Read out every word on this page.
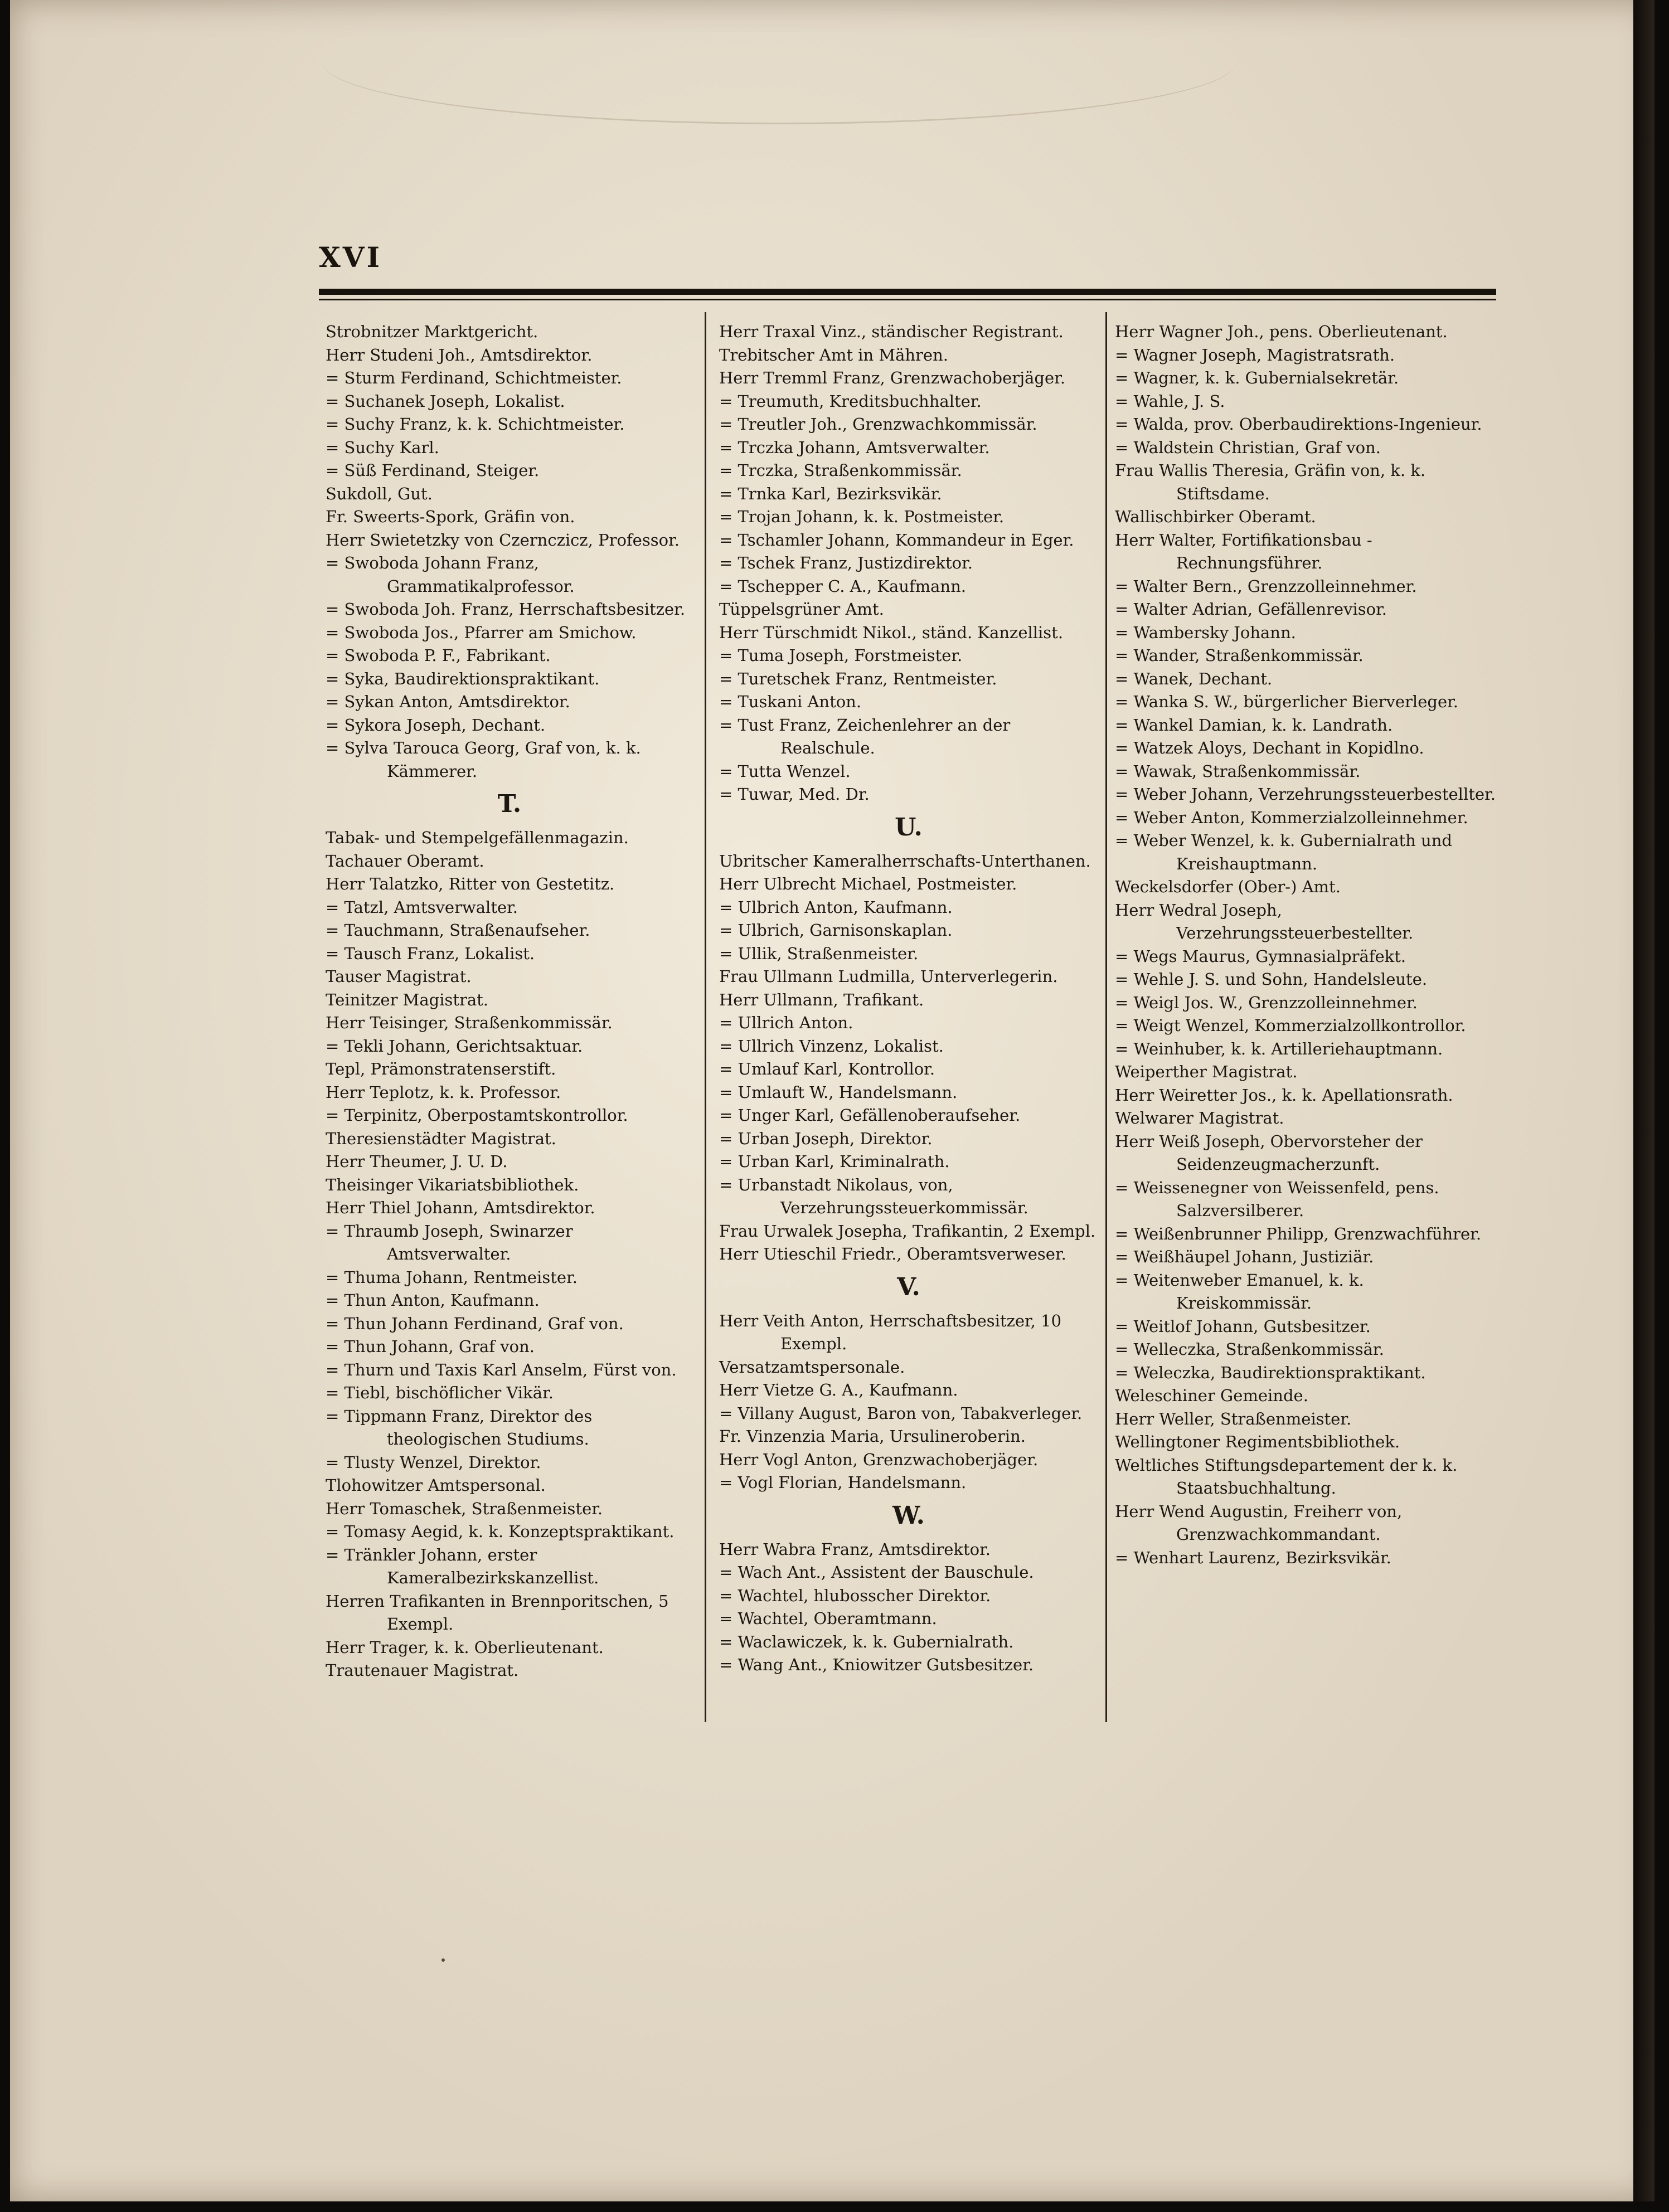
XVI
Strobnitzer Marktgericht.
Herr Studeni Joh., Amtsdirektor.
= Sturm Ferdinand, Schichtmeister.
= Suchanek Joseph, Lokalist.
= Suchy Franz, k. k. Schichtmeister.
= Suchy Karl.
= Süß Ferdinand, Steiger.
Sukdoll, Gut.
Fr. Sweerts-Spork, Gräfin von.
Herr Swietetzky von Czernczicz, Professor.
= Swoboda Johann Franz, Grammatikalprofessor.
= Swoboda Joh. Franz, Herrschaftsbesitzer.
= Swoboda Jos., Pfarrer am Smichow.
= Swoboda P. F., Fabrikant.
= Syka, Baudirektionspraktikant.
= Sykan Anton, Amtsdirektor.
= Sykora Joseph, Dechant.
= Sylva Tarouca Georg, Graf von, k. k. Kämmerer.
T.
Tabak- und Stempelgefällenmagazin.
Tachauer Oberamt.
Herr Talatzko, Ritter von Gestetitz.
= Tatzl, Amtsverwalter.
= Tauchmann, Straßenaufseher.
= Tausch Franz, Lokalist.
Tauser Magistrat.
Teinitzer Magistrat.
Herr Teisinger, Straßenkommissär.
= Tekli Johann, Gerichtsaktuar.
Tepl, Prämonstratenserstift.
Herr Teplotz, k. k. Professor.
= Terpinitz, Oberpostamtskontrollor.
Theresienstädter Magistrat.
Herr Theumer, J. U. D.
Theisinger Vikariatsbibliothek.
Herr Thiel Johann, Amtsdirektor.
= Thraumb Joseph, Swinarzer Amtsverwalter.
= Thuma Johann, Rentmeister.
= Thun Anton, Kaufmann.
= Thun Johann Ferdinand, Graf von.
= Thun Johann, Graf von.
= Thurn und Taxis Karl Anselm, Fürst von.
= Tiebl, bischöflicher Vikär.
= Tippmann Franz, Direktor des theologischen Studiums.
= Tlusty Wenzel, Direktor.
Tlohowitzer Amtspersonal.
Herr Tomaschek, Straßenmeister.
= Tomasy Aegid, k. k. Konzeptspraktikant.
= Tränkler Johann, erster Kameralbezirkskanzellist.
Herren Trafikanten in Brennporitschen, 5 Exempl.
Herr Trager, k. k. Oberlieutenant.
Trautenauer Magistrat.
Herr Traxal Vinz., ständischer Registrant.
Trebitscher Amt in Mähren.
Herr Tremml Franz, Grenzwachoberjäger.
= Treumuth, Kreditsbuchhalter.
= Treutler Joh., Grenzwachkommissär.
= Trczka Johann, Amtsverwalter.
= Trczka, Straßenkommissär.
= Trnka Karl, Bezirksvikär.
= Trojan Johann, k. k. Postmeister.
= Tschamler Johann, Kommandeur in Eger.
= Tschek Franz, Justizdirektor.
= Tschepper C. A., Kaufmann.
Tüppelsgrüner Amt.
Herr Türschmidt Nikol., ständ. Kanzellist.
= Tuma Joseph, Forstmeister.
= Turetschek Franz, Rentmeister.
= Tuskani Anton.
= Tust Franz, Zeichenlehrer an der Realschule.
= Tutta Wenzel.
= Tuwar, Med. Dr.
U.
Ubritscher Kameralherrschafts-Unterthanen.
Herr Ulbrecht Michael, Postmeister.
= Ulbrich Anton, Kaufmann.
= Ulbrich, Garnisonskaplan.
= Ullik, Straßenmeister.
Frau Ullmann Ludmilla, Unterverlegerin.
Herr Ullmann, Trafikant.
= Ullrich Anton.
= Ullrich Vinzenz, Lokalist.
= Umlauf Karl, Kontrollor.
= Umlauft W., Handelsmann.
= Unger Karl, Gefällenoberaufseher.
= Urban Joseph, Direktor.
= Urban Karl, Kriminalrath.
= Urbanstadt Nikolaus, von, Verzehrungssteuerkommissär.
Frau Urwalek Josepha, Trafikantin, 2 Exempl.
Herr Utieschil Friedr., Oberamtsverweser.
V.
Herr Veith Anton, Herrschaftsbesitzer, 10 Exempl.
Versatzamtspersonale.
Herr Vietze G. A., Kaufmann.
= Villany August, Baron von, Tabakverleger.
Fr. Vinzenzia Maria, Ursulineroberin.
Herr Vogl Anton, Grenzwachoberjäger.
= Vogl Florian, Handelsmann.
W.
Herr Wabra Franz, Amtsdirektor.
= Wach Ant., Assistent der Bauschule.
= Wachtel, hlubosscher Direktor.
= Wachtel, Oberamtmann.
= Waclawiczek, k. k. Gubernialrath.
= Wang Ant., Kniowitzer Gutsbesitzer.
Herr Wagner Joh., pens. Oberlieutenant.
= Wagner Joseph, Magistratsrath.
= Wagner, k. k. Gubernialsekretär.
= Wahle, J. S.
= Walda, prov. Oberbaudirektions-Ingenieur.
= Waldstein Christian, Graf von.
Frau Wallis Theresia, Gräfin von, k. k. Stiftsdame.
Wallischbirker Oberamt.
Herr Walter, Fortifikationsbau - Rechnungsführer.
= Walter Bern., Grenzzolleinnehmer.
= Walter Adrian, Gefällenrevisor.
= Wambersky Johann.
= Wander, Straßenkommissär.
= Wanek, Dechant.
= Wanka S. W., bürgerlicher Bierverleger.
= Wankel Damian, k. k. Landrath.
= Watzek Aloys, Dechant in Kopidlno.
= Wawak, Straßenkommissär.
= Weber Johann, Verzehrungssteuerbestellter.
= Weber Anton, Kommerzialzolleinnehmer.
= Weber Wenzel, k. k. Gubernialrath und Kreishauptmann.
Weckelsdorfer (Ober-) Amt.
Herr Wedral Joseph, Verzehrungssteuerbestellter.
= Wegs Maurus, Gymnasialpräfekt.
= Wehle J. S. und Sohn, Handelsleute.
= Weigl Jos. W., Grenzzolleinnehmer.
= Weigt Wenzel, Kommerzialzollkontrollor.
= Weinhuber, k. k. Artilleriehauptmann.
Weiperther Magistrat.
Herr Weiretter Jos., k. k. Apellationsrath.
Welwarer Magistrat.
Herr Weiß Joseph, Obervorsteher der Seidenzeugmacherzunft.
= Weissenegner von Weissenfeld, pens. Salzversilberer.
= Weißenbrunner Philipp, Grenzwachführer.
= Weißhäupel Johann, Justiziär.
= Weitenweber Emanuel, k. k. Kreiskommissär.
= Weitlof Johann, Gutsbesitzer.
= Welleczka, Straßenkommissär.
= Weleczka, Baudirektionspraktikant.
Weleschiner Gemeinde.
Herr Weller, Straßenmeister.
Wellingtoner Regimentsbibliothek.
Weltliches Stiftungsdepartement der k. k. Staatsbuchhaltung.
Herr Wend Augustin, Freiherr von, Grenzwachkommandant.
= Wenhart Laurenz, Bezirksvikär.
